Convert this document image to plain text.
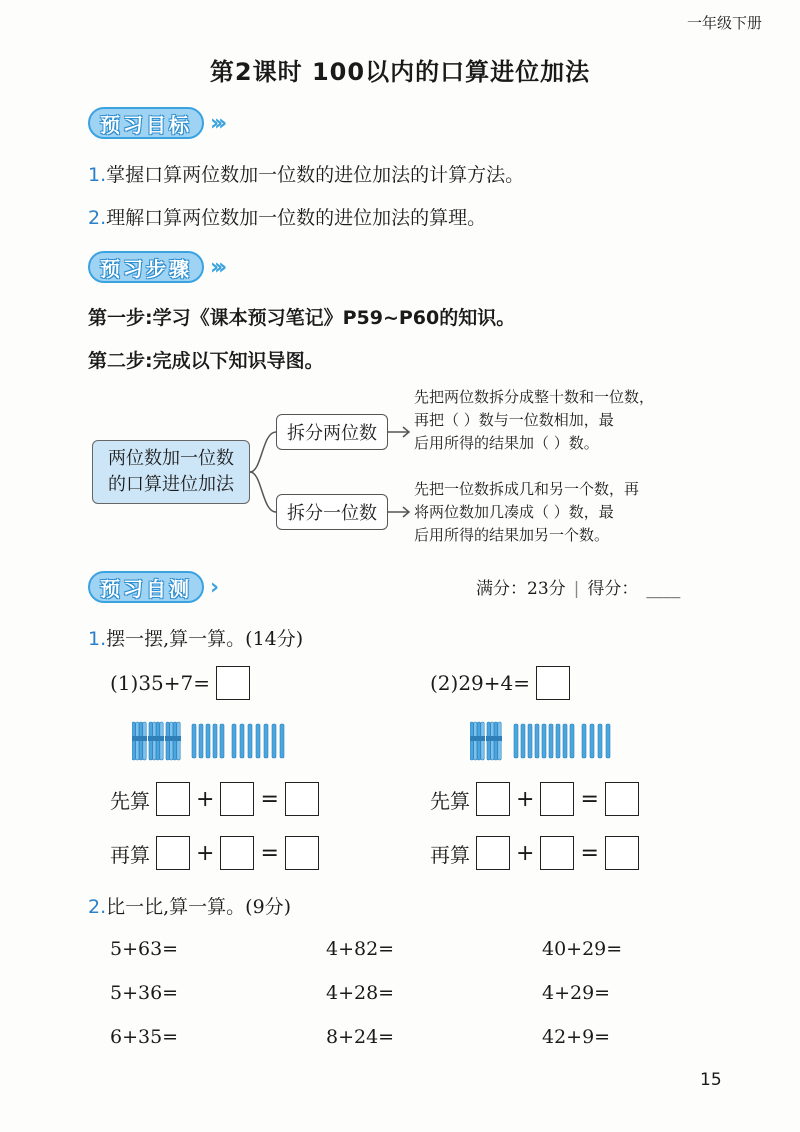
一年级下册
第2课时 100以内的口算进位加法
预习目标 ›››
1.掌握口算两位数加一位数的进位加法的计算方法。
2.理解口算两位数加一位数的进位加法的算理。
预习步骤 ›››
第一步:学习《课本预习笔记》P59~P60的知识。
第二步:完成以下知识导图。
两位数加一位数
的口算进位加法
拆分两位数
拆分一位数
先把两位数拆分成整十数和一位数，
再把（ ）数与一位数相加，最
后用所得的结果加（ ）数。
先把一位数拆成几和另一个数，再
将两位数加几凑成（ ）数，最
后用所得的结果加另一个数。
预习自测 ›	满分：23分 | 得分： ____
1.摆一摆,算一算。(14分)
(1)35+7=
先算 + =
再算 + =
(2)29+4=
先算 + =
再算 + =
2.比一比,算一算。(9分)
5+63=	4+82=	40+29=
5+36=	4+28=	4+29=
6+35=	8+24=	42+9=
15
